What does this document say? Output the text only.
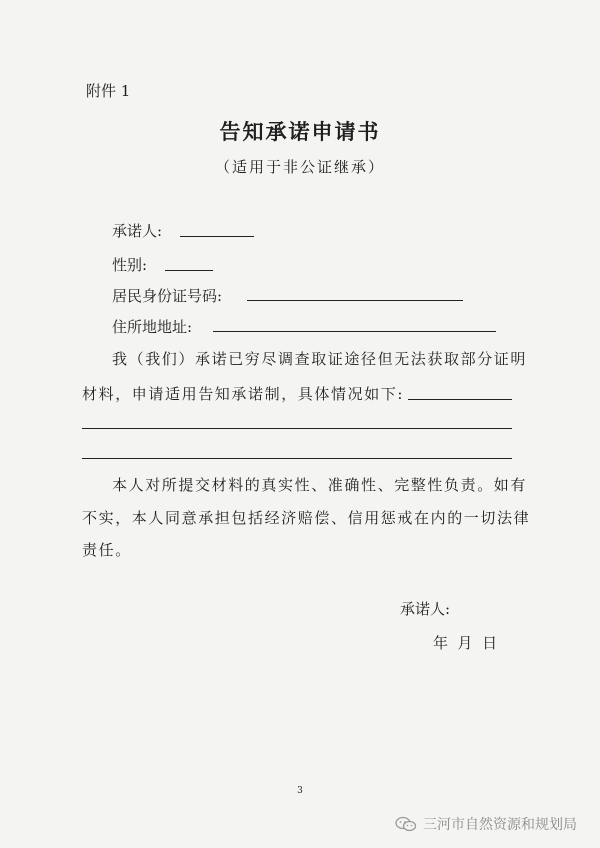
附件 1
告知承诺申请书
（适用于非公证继承）
承诺人:
性别:
居民身份证号码:
住所地地址:
我（我们）承诺已穷尽调查取证途径但无法获取部分证明
材料，申请适用告知承诺制，具体情况如下:
本人对所提交材料的真实性、准确性、完整性负责。如有
不实，本人同意承担包括经济赔偿、信用惩戒在内的一切法律
责任。
承诺人:
年  月  日
3
三河市自然资源和规划局
